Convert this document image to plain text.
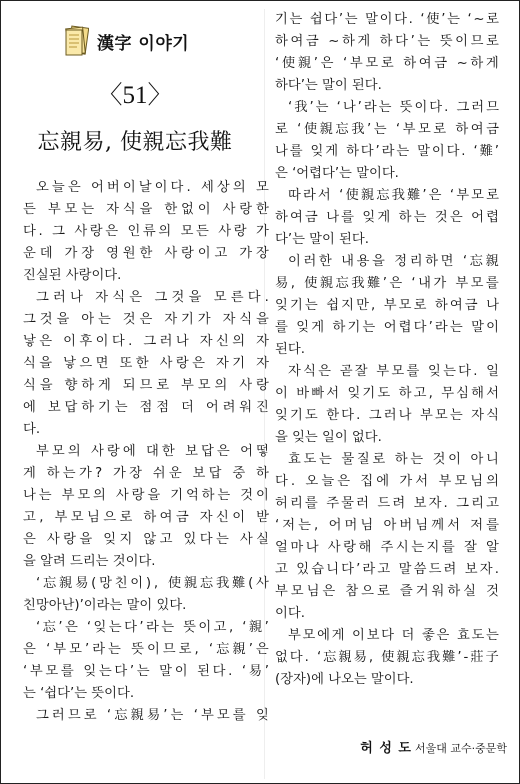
漢字 이야기
〈51〉
忘親易, 使親忘我難
오 늘 은
어 버 이 날 이 다 .
세 상 의
모
든
부 모 는
자 식 을
한 없 이
사 랑 한
다 .
그
사 랑 은
인 류 의
모 든
사 랑
가
운 데
가 장
영 원 한
사 랑 이 고
가 장
진실된 사랑이다.
그 러 나
자 식 은
그 것 을
모 른 다 .
그 것 을
아 는
것 은
자 기 가
자 식 을
낳 은
이 후 이 다 .
그 러 나
자 신 의
자
식 을
낳 으 면
또 한
사 랑 은
자 기
자
식 을
향 하 게
되 므 로
부 모 의
사 랑
에
보 답 하 기 는
점 점
더
어 려 워 진
다.
부 모 의
사 랑 에
대 한
보 답 은
어 떻
게
하 는 가 ?
가 장
쉬 운
보 답
중
하
나 는
부 모 의
사 랑 을
기 억 하 는
것 이
고 ,
부 모 님 으 로
하 여 금
자 신 이
받
은
사 랑 을
잊 지
않 고
있 다 는
사 실
을 알려 드리는 것이다.
‘ 忘 親 易 ( 망 친 이 ) ,
使 親 忘 我 難 ( 사
친망아난)’이라는 말이 있다.
‘ 忘 ’ 은
‘ 잊 는 다 ’ 라 는
뜻 이 고 ,
‘ 親 ’
은
‘ 부 모 ’ 라 는
뜻 이 므 로 ,
‘ 忘 親 ’ 은
‘ 부 모 를
잊 는 다 ’ 는
말 이
된 다 .
‘ 易 ’
는 ‘쉽다’는 뜻이다.
그 러 므 로
‘ 忘 親 易 ’ 는
‘ 부 모 를
잊
기 는
쉽 다 ’ 는
말 이 다 .
‘ 使 ’ 는
‘ ~ 로
하 여 금
~ 하 게
하 다 ’ 는
뜻 이 므 로
‘ 使 親 ’ 은
‘ 부 모 로
하 여 금
~ 하 게
하다’는 말이 된다.
‘ 我 ’ 는
‘ 나 ’ 라 는
뜻 이 다 .
그 러 므
로
‘ 使 親 忘 我 ’ 는
‘ 부 모 로
하 여 금
나 를
잊 게
하 다 ’ 라 는
말 이 다 .
‘ 難 ’
은 ‘어렵다’는 말이다.
따 라 서
‘ 使 親 忘 我 難 ’ 은
‘ 부 모 로
하 여 금
나 를
잊 게
하 는
것 은
어 렵
다’는 말이 된다.
이 러 한
내 용 을
정 리 하 면
‘ 忘 親
易 ,
使 親 忘 我 難 ’ 은
‘ 내 가
부 모 를
잊 기 는
쉽 지 만 ,
부 모 로
하 여 금
나
를
잊 게
하 기 는
어 렵 다 ’ 라 는
말 이
된다.
자 식 은
곧 잘
부 모 를
잊 는 다 .
일
이
바 빠 서
잊 기 도
하 고 ,
무 심 해 서
잊 기 도
한 다 .
그 러 나
부 모 는
자 식
을 잊는 일이 없다.
효 도 는
물 질 로
하 는
것 이
아 니
다 .
오 늘 은
집 에
가 서
부 모 님 의
허 리 를
주 물 러
드 려
보 자 .
그 리 고
‘ 저 는 ,
어 머 님
아 버 님 께 서
저 를
얼 마 나
사 랑 해
주 시 는 지 를
잘
알
고
있 습 니 다 ’ 라 고
말 씀 드 려
보 자 .
부 모 님 은
참 으 로
즐 거 워 하 실
것
이다.
부 모 에 게
이 보 다
더
좋 은
효 도 는
없 다 .
‘ 忘 親 易 ,
使 親 忘 我 難 ’ - 莊 子
(장자)에 나오는 말이다.
허 성 도 서울대 교수·중문학
